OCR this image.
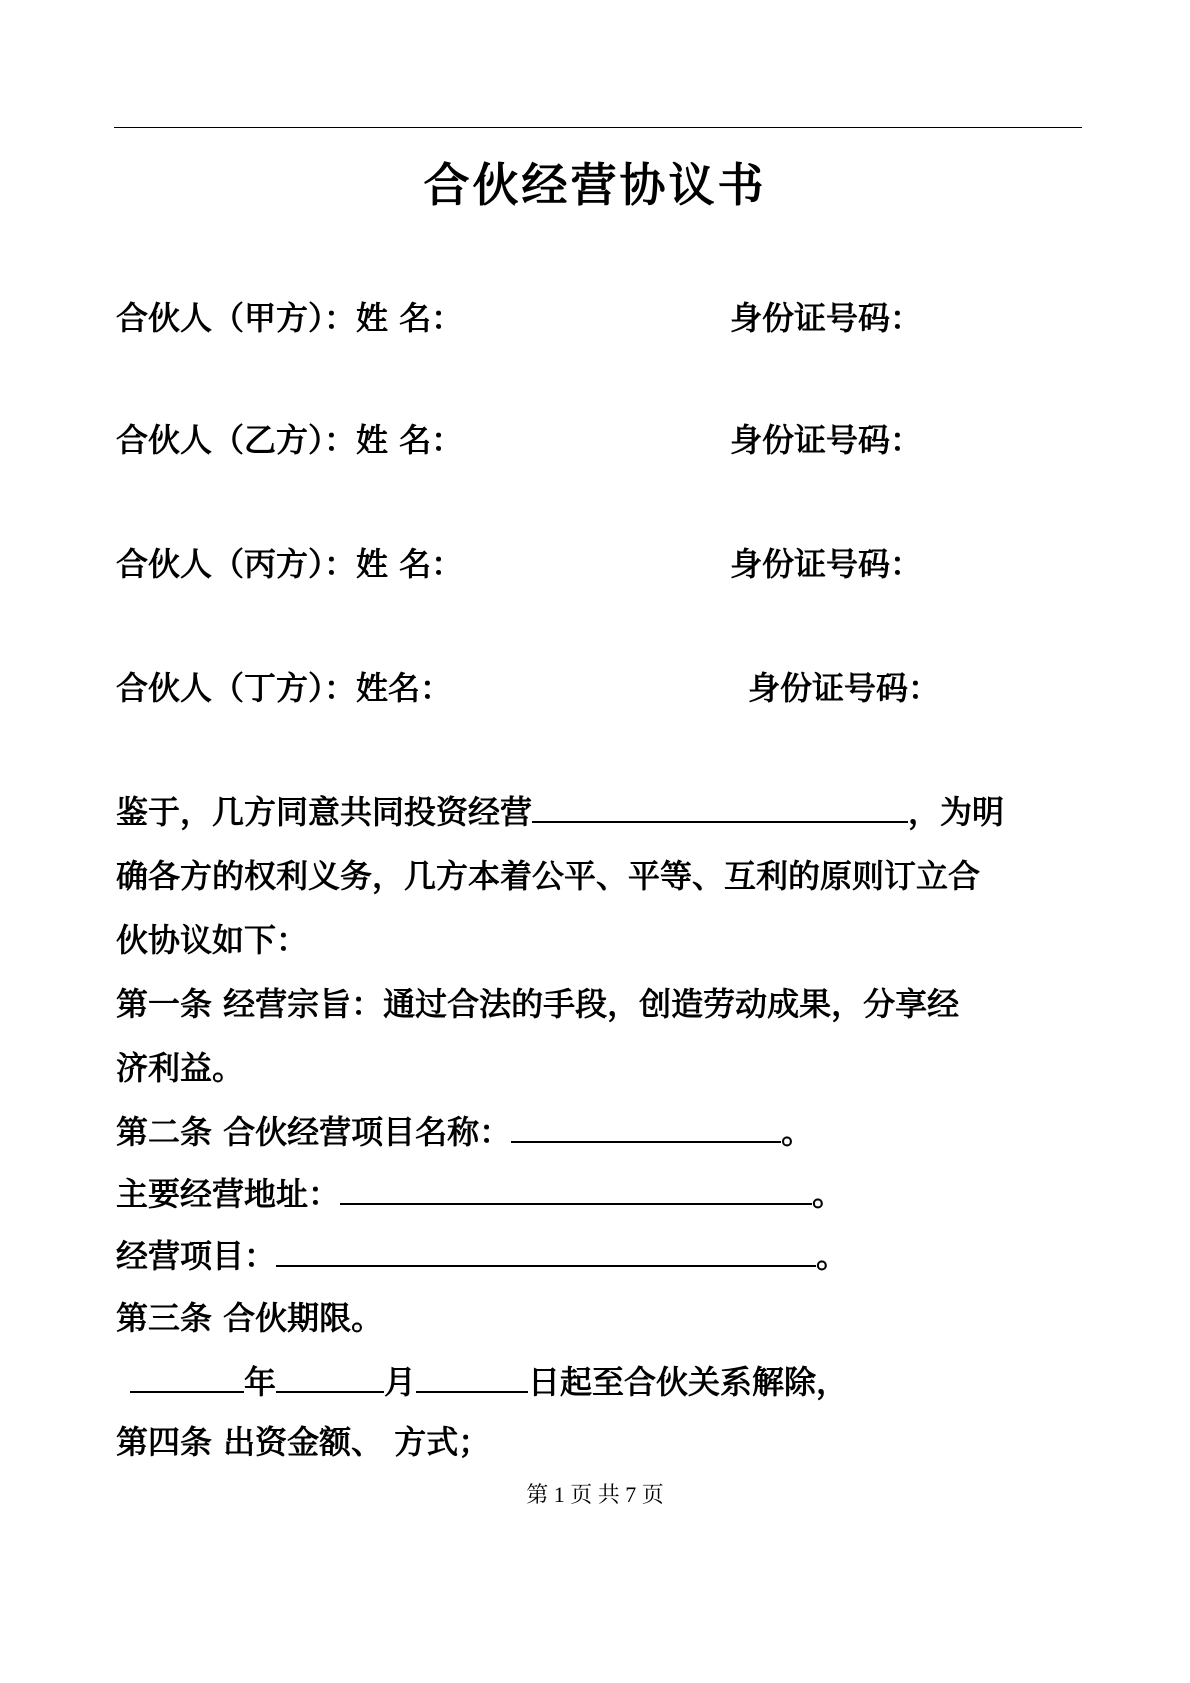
合伙经营协议书
合伙人（甲方）：姓 名：	身份证号码：
合伙人（乙方）：姓 名：	身份证号码：
合伙人（丙方）：姓 名：	身份证号码：
合伙人（丁方）：姓名：	身份证号码：
鉴于，几方同意共同投资经营	，为明
确各方的权利义务，几方本着公平、平等、互利的原则订立合
伙协议如下：
第一条 经营宗旨：通过合法的手段，创造劳动成果，分享经
济利益。
第二条 合伙经营项目名称：	。
主要经营地址：	。
经营项目：	。
第三条 合伙期限。
年	月	日起至合伙关系解除，
第四条 出资金额、 方式；
第 1 页 共 7 页
